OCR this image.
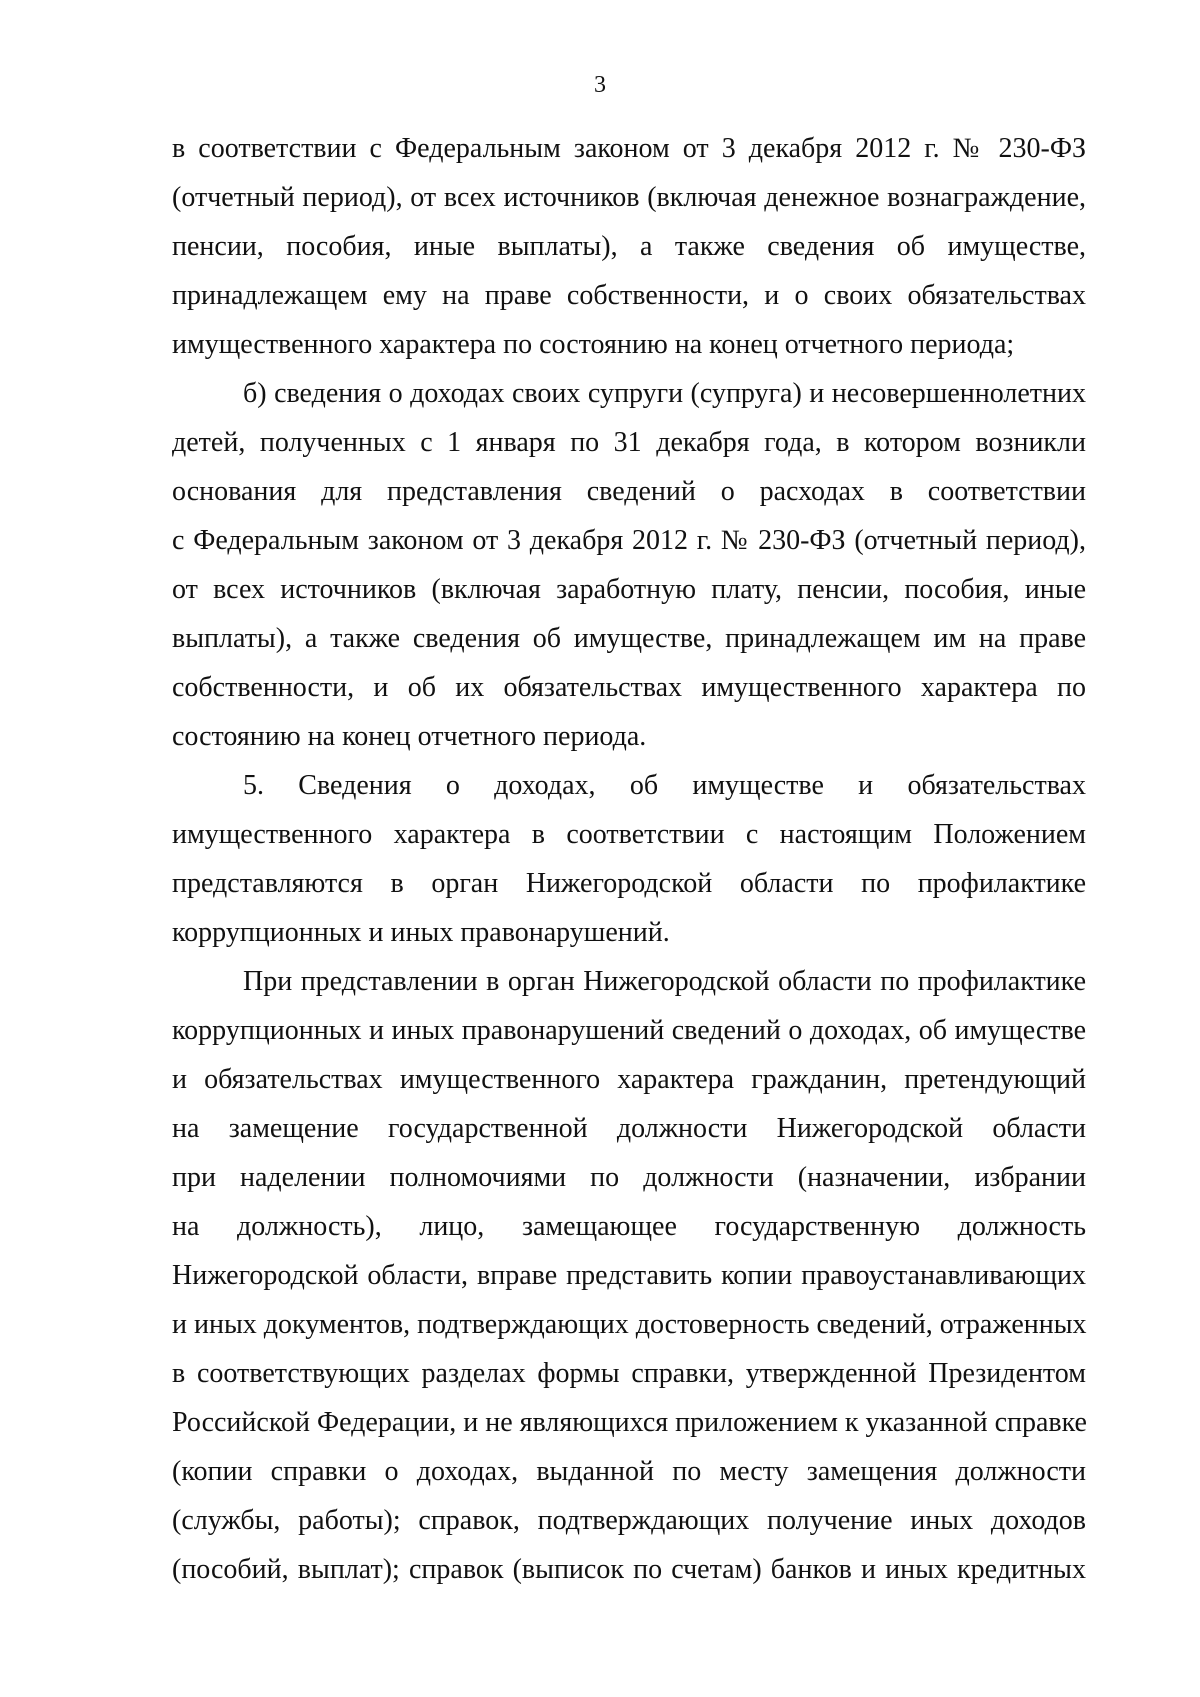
3
в соответствии с Федеральным законом от 3 декабря 2012 г. № 230-ФЗ
(отчетный период), от всех источников (включая денежное вознаграждение,
пенсии, пособия, иные выплаты), а также сведения об имуществе,
принадлежащем ему на праве собственности, и о своих обязательствах
имущественного характера по состоянию на конец отчетного периода;
б) сведения о доходах своих супруги (супруга) и несовершеннолетних
детей, полученных с 1 января по 31 декабря года, в котором возникли
основания для представления сведений о расходах в соответствии
с Федеральным законом от 3 декабря 2012 г. № 230-ФЗ (отчетный период),
от всех источников (включая заработную плату, пенсии, пособия, иные
выплаты), а также сведения об имуществе, принадлежащем им на праве
собственности, и об их обязательствах имущественного характера по
состоянию на конец отчетного периода.
5. Сведения о доходах, об имуществе и обязательствах
имущественного характера в соответствии с настоящим Положением
представляются в орган Нижегородской области по профилактике
коррупционных и иных правонарушений.
При представлении в орган Нижегородской области по профилактике
коррупционных и иных правонарушений сведений о доходах, об имуществе
и обязательствах имущественного характера гражданин, претендующий
на замещение государственной должности Нижегородской области
при наделении полномочиями по должности (назначении, избрании
на должность), лицо, замещающее государственную должность
Нижегородской области, вправе представить копии правоустанавливающих
и иных документов, подтверждающих достоверность сведений, отраженных
в соответствующих разделах формы справки, утвержденной Президентом
Российской Федерации, и не являющихся приложением к указанной справке
(копии справки о доходах, выданной по месту замещения должности
(службы, работы); справок, подтверждающих получение иных доходов
(пособий, выплат); справок (выписок по счетам) банков и иных кредитных
